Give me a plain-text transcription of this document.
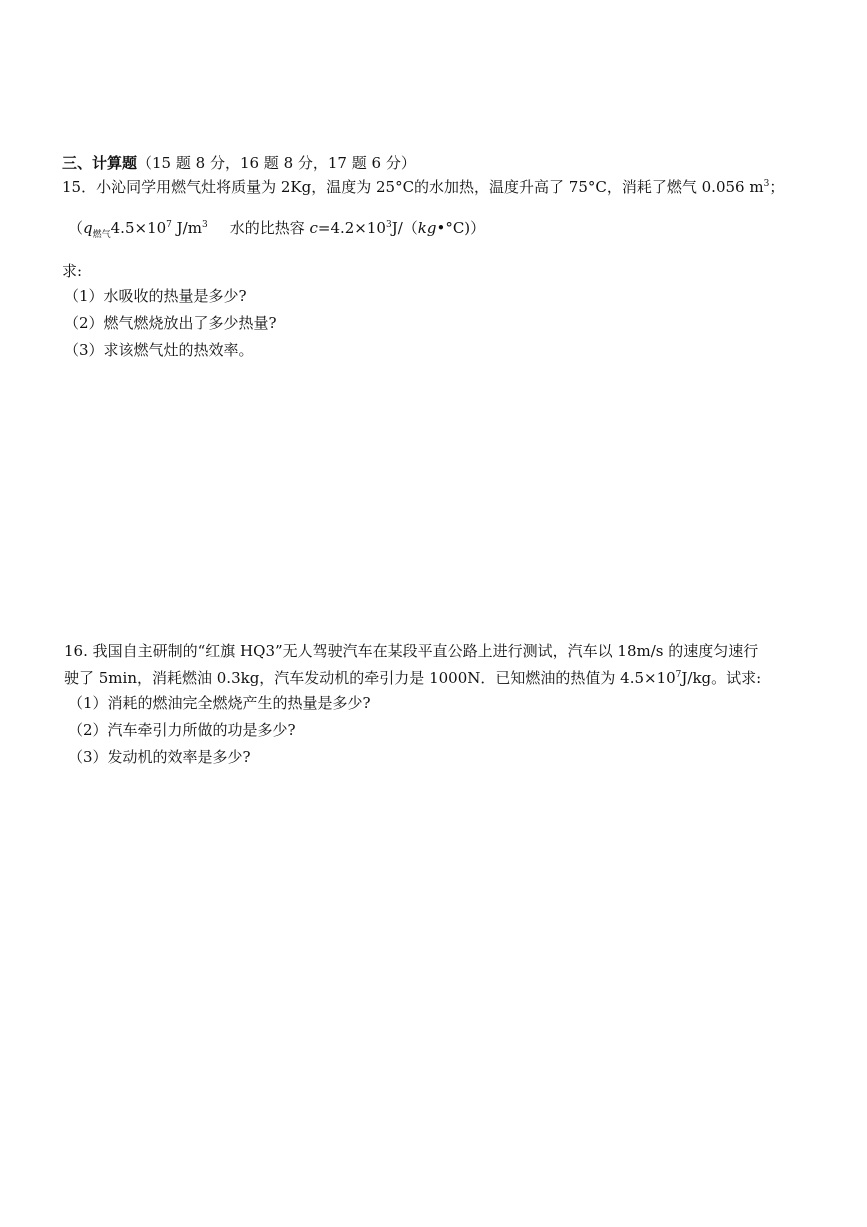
三、计算题（15 题 8 分，16 题 8 分，17 题 6 分）
15．小沁同学用燃气灶将质量为 2Kg，温度为 25°C的水加热，温度升高了 75°C，消耗了燃气 0.056 $m^3$；
（$q_{燃气}4.5\times 10^7$ $J/m^3$ 水的比热容 $c=4.2\times 10^3J/(kg•^\circ C)$）
求:
（1）水吸收的热量是多少?
（2）燃气燃烧放出了多少热量?
（3）求该燃气灶的热效率。
16. 我国自主研制的“红旗 HQ3”无人驾驶汽车在某段平直公路上进行测试，汽车以 18m/s 的速度匀速行
驶了 5min，消耗燃油 0.3kg，汽车发动机的牵引力是 1000N．已知燃油的热值为 $4.5\times 10^7J/kg$。试求:
（1）消耗的燃油完全燃烧产生的热量是多少?
（2）汽车牵引力所做的功是多少?
（3）发动机的效率是多少?
